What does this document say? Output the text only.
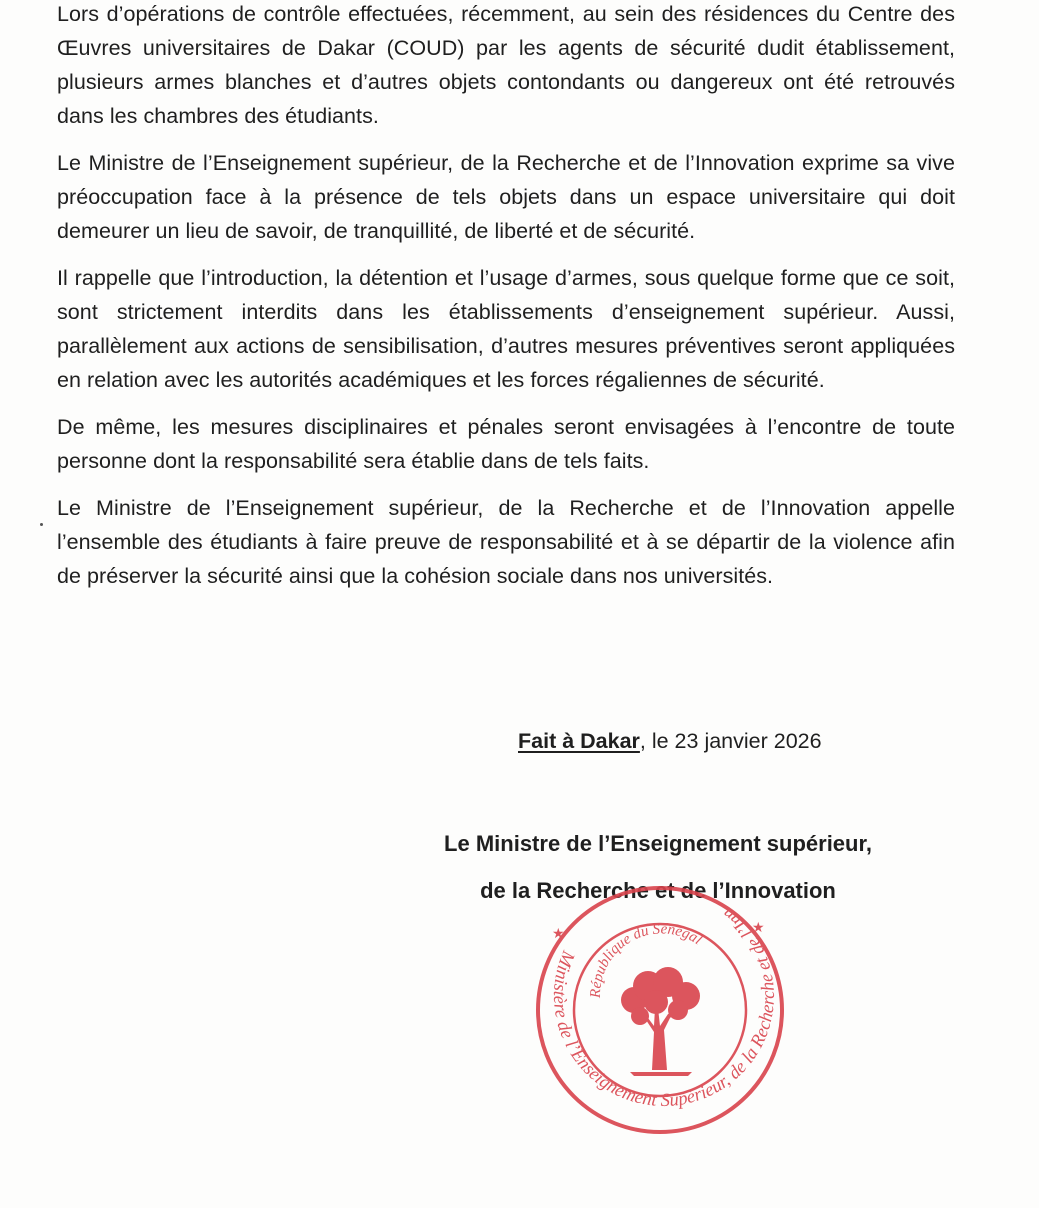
Lors d’opérations de contrôle effectuées, récemment, au sein des résidences du Centre des Œuvres universitaires de Dakar (COUD) par les agents de sécurité dudit établissement, plusieurs armes blanches et d’autres objets contondants ou dangereux ont été retrouvés dans les chambres des étudiants.

Le Ministre de l’Enseignement supérieur, de la Recherche et de l’Innovation exprime sa vive préoccupation face à la présence de tels objets dans un espace universitaire qui doit demeurer un lieu de savoir, de tranquillité, de liberté et de sécurité.

Il rappelle que l’introduction, la détention et l’usage d’armes, sous quelque forme que ce soit, sont strictement interdits dans les établissements d’enseignement supérieur. Aussi, parallèlement aux actions de sensibilisation, d’autres mesures préventives seront appliquées en relation avec les autorités académiques et les forces régaliennes de sécurité.

De même, les mesures disciplinaires et pénales seront envisagées à l’encontre de toute personne dont la responsabilité sera établie dans de tels faits.

Le Ministre de l’Enseignement supérieur, de la Recherche et de l’Innovation appelle l’ensemble des étudiants à faire preuve de responsabilité et à se départir de la violence afin de préserver la sécurité ainsi que la cohésion sociale dans nos universités.

Fait à Dakar, le 23 janvier 2026
Le Ministre de l’Enseignement supérieur,
de la Recherche et de l’Innovation
République du Sénégal
Ministère de l’Enseignement Supérieur, de la Recherche et de l’Inn
★	★
